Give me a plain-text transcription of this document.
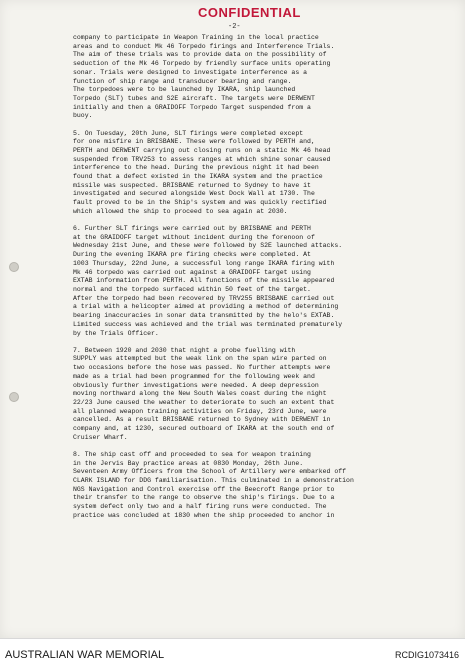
CONFIDENTIAL
-2-
company to participate in Weapon Training in the local practice
areas and to conduct Mk 46 Torpedo firings and Interference Trials.
The aim of these trials was to provide data on the possibility of
seduction of the Mk 46 Torpedo by friendly surface units operating
sonar. Trials were designed to investigate interference as a
function of ship range and transducer bearing and range.
The torpedoes were to be launched by IKARA, ship launched
Torpedo (SLT) tubes and S2E aircraft. The targets were DERWENT
initially and then a GRAIDOFF Torpedo Target suspended from a
buoy.
5. On Tuesday, 20th June, SLT firings were completed except
for one misfire in BRISBANE. These were followed by PERTH and,
PERTH and DERWENT carrying out closing runs on a static Mk 46 head
suspended from TRV253 to assess ranges at which shine sonar caused
interference to the head. During the previous night it had been
found that a defect existed in the IKARA system and the practice
missile was suspected. BRISBANE returned to Sydney to have it
investigated and secured alongside West Dock Wall at 1730. The
fault proved to be in the Ship's system and was quickly rectified
which allowed the ship to proceed to sea again at 2030.
6. Further SLT firings were carried out by BRISBANE and PERTH
at the GRAIDOFF target without incident during the forenoon of
Wednesday 21st June, and these were followed by S2E launched attacks.
During the evening IKARA pre firing checks were completed. At
1003 Thursday, 22nd June, a successful long range IKARA firing with
Mk 46 torpedo was carried out against a GRAIDOFF target using
EXTAB information from PERTH. All functions of the missile appeared
normal and the torpedo surfaced within 50 feet of the target.
After the torpedo had been recovered by TRV255 BRISBANE carried out
a trial with a helicopter aimed at providing a method of determining
bearing inaccuracies in sonar data transmitted by the helo's EXTAB.
Limited success was achieved and the trial was terminated prematurely
by the Trials Officer.
7. Between 1920 and 2030 that night a probe fuelling with
SUPPLY was attempted but the weak link on the span wire parted on
two occasions before the hose was passed. No further attempts were
made as a trial had been programmed for the following week and
obviously further investigations were needed. A deep depression
moving northward along the New South Wales coast during the night
22/23 June caused the weather to deteriorate to such an extent that
all planned weapon training activities on Friday, 23rd June, were
cancelled. As a result BRISBANE returned to Sydney with DERWENT in
company and, at 1230, secured outboard of IKARA at the south end of
Cruiser Wharf.
8. The ship cast off and proceeded to sea for weapon training
in the Jervis Bay practice areas at 0830 Monday, 26th June.
Seventeen Army Officers from the School of Artillery were embarked off
CLARK ISLAND for DDG familiarisation. This culminated in a demonstration
NGS Navigation and Control exercise off the Beecroft Range prior to
their transfer to the range to observe the ship's firings. Due to a
system defect only two and a half firing runs were conducted. The
practice was concluded at 1830 when the ship proceeded to anchor in
AUSTRALIAN WAR MEMORIAL	RCDIG1073416
